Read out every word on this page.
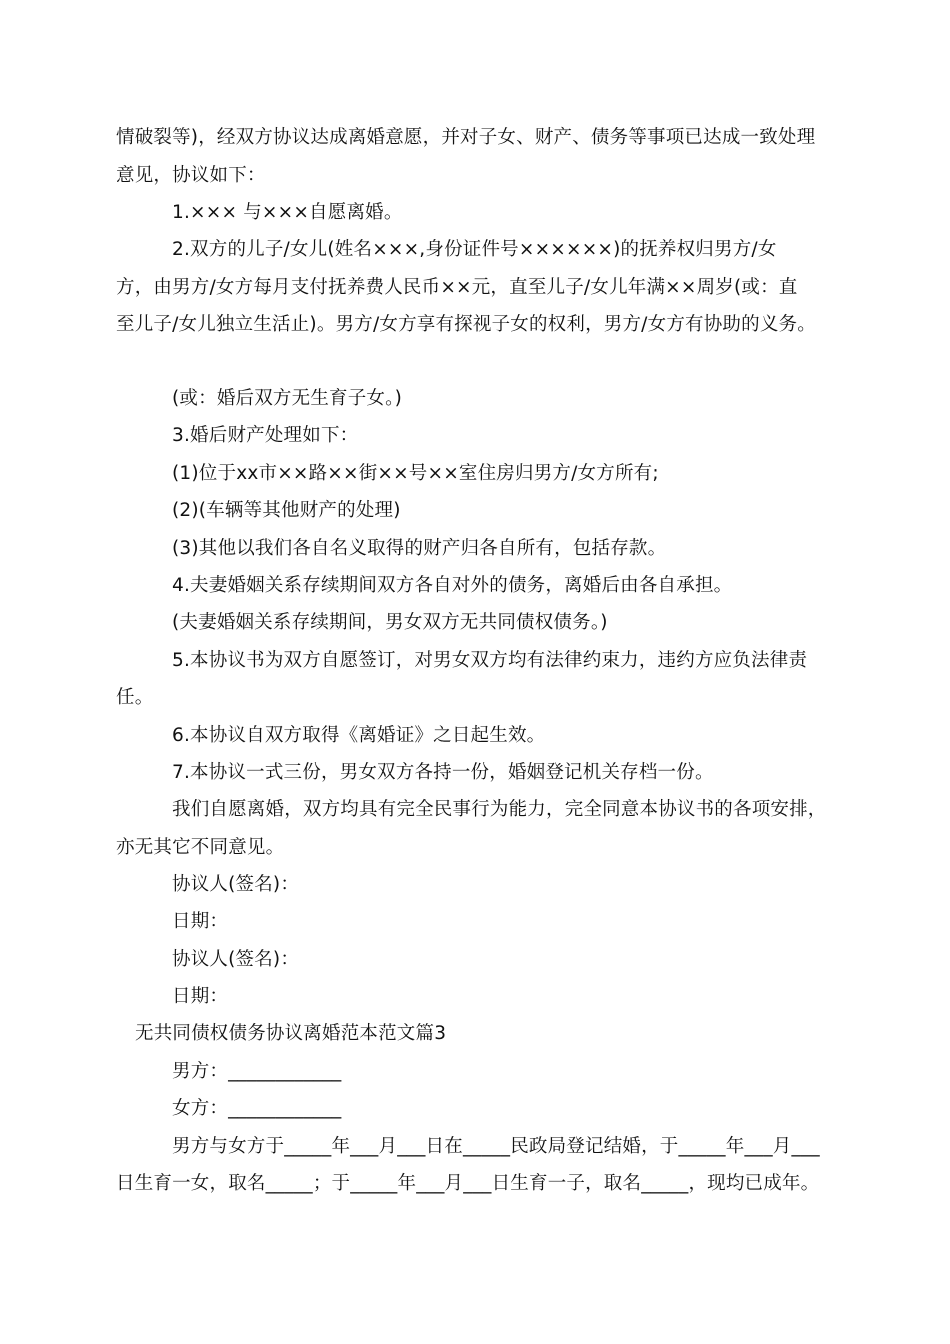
情破裂等)，经双方协议达成离婚意愿，并对子女、财产、债务等事项已达成一致处理
意见，协议如下：
1.××× 与×××自愿离婚。
2.双方的儿子/女儿(姓名×××,身份证件号××××××)的抚养权归男方/女
方，由男方/女方每月支付抚养费人民币××元，直至儿子/女儿年满××周岁(或：直
至儿子/女儿独立生活止)。男方/女方享有探视子女的权利，男方/女方有协助的义务。
(或：婚后双方无生育子女。)
3.婚后财产处理如下：
(1)位于xx市××路××街××号××室住房归男方/女方所有;
(2)(车辆等其他财产的处理)
(3)其他以我们各自名义取得的财产归各自所有，包括存款。
4.夫妻婚姻关系存续期间双方各自对外的债务，离婚后由各自承担。
(夫妻婚姻关系存续期间，男女双方无共同债权债务。)
5.本协议书为双方自愿签订，对男女双方均有法律约束力，违约方应负法律责
任。
6.本协议自双方取得《离婚证》之日起生效。
7.本协议一式三份，男女双方各持一份，婚姻登记机关存档一份。
我们自愿离婚，双方均具有完全民事行为能力，完全同意本协议书的各项安排，
亦无其它不同意见。
协议人(签名)：
日期：
协议人(签名)：
日期：
无共同债权债务协议离婚范本范文篇3
男方：____________
女方：____________
男方与女方于_____年___月___日在_____民政局登记结婚，于_____年___月___
日生育一女，取名_____；于_____年___月___日生育一子，取名_____，现均已成年。
